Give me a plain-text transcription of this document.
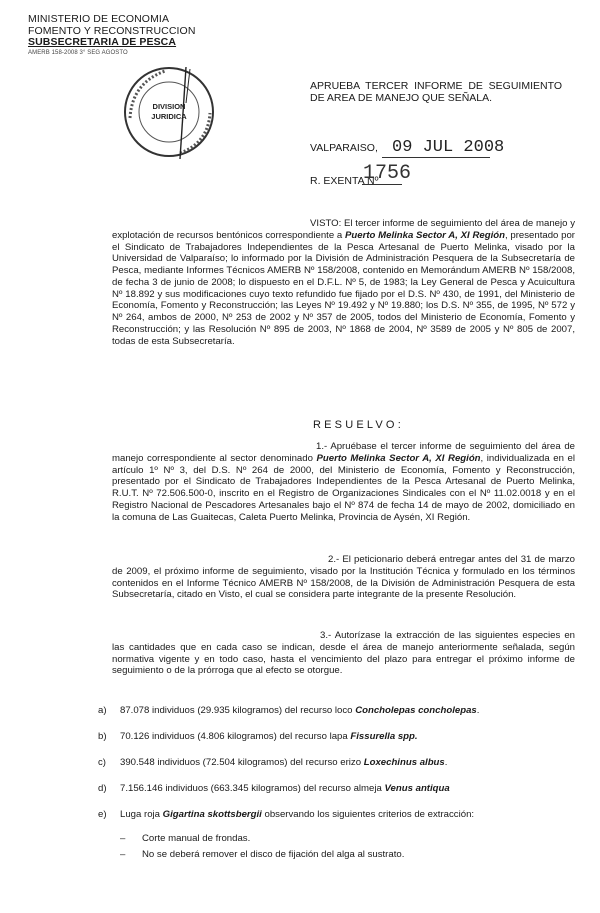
MINISTERIO DE ECONOMIA
FOMENTO Y RECONSTRUCCION
SUBSECRETARIA DE PESCA
AMERB 158-2008 3° SEG AGOSTO
DIVISION
JURIDICA
APRUEBA TERCER INFORME DE SEGUIMIENTO DE AREA DE MANEJO QUE SEÑALA.
VALPARAISO, 09 JUL 2008
R. EXENTA Nº
1756
VISTO: El tercer informe de seguimiento del área de manejo y explotación de recursos bentónicos correspondiente a Puerto Melinka Sector A, XI Región, presentado por el Sindicato de Trabajadores Independientes de la Pesca Artesanal de Puerto Melinka, visado por la Universidad de Valparaíso; lo informado por la División de Administración Pesquera de la Subsecretaría de Pesca, mediante Informes Técnicos AMERB Nº 158/2008, contenido en Memorándum AMERB Nº 158/2008, de fecha 3 de junio de 2008; lo dispuesto en el D.F.L. Nº 5, de 1983; la Ley General de Pesca y Acuicultura Nº 18.892 y sus modificaciones cuyo texto refundido fue fijado por el D.S. Nº 430, de 1991, del Ministerio de Economía, Fomento y Reconstrucción; las Leyes Nº 19.492 y Nº 19.880; los D.S. Nº 355, de 1995, Nº 572 y Nº 264, ambos de 2000, Nº 253 de 2002 y Nº 357 de 2005, todos del Ministerio de Economía, Fomento y Reconstrucción; y las Resolución Nº 895 de 2003, Nº 1868 de 2004, Nº 3589 de 2005 y Nº 805 de 2007, todas de esta Subsecretaría.
RESUELVO:
1.- Apruébase el tercer informe de seguimiento del área de manejo correspondiente al sector denominado Puerto Melinka Sector A, XI Región, individualizada en el artículo 1º Nº 3, del D.S. Nº 264 de 2000, del Ministerio de Economía, Fomento y Reconstrucción, presentado por el Sindicato de Trabajadores Independientes de la Pesca Artesanal de Puerto Melinka, R.U.T. Nº 72.506.500-0, inscrito en el Registro de Organizaciones Sindicales con el Nº 11.02.0018 y en el Registro Nacional de Pescadores Artesanales bajo el Nº 874 de fecha 14 de mayo de 2002, domiciliado en la comuna de Las Guaitecas, Caleta Puerto Melinka, Provincia de Aysén, XI Región.
2.- El peticionario deberá entregar antes del 31 de marzo de 2009, el próximo informe de seguimiento, visado por la Institución Técnica y formulado en los términos contenidos en el Informe Técnico AMERB Nº 158/2008, de la División de Administración Pesquera de esta Subsecretaría, citado en Visto, el cual se considera parte integrante de la presente Resolución.
3.- Autorízase la extracción de las siguientes especies en las cantidades que en cada caso se indican, desde el área de manejo anteriormente señalada, según normativa vigente y en todo caso, hasta el vencimiento del plazo para entregar el próximo informe de seguimiento o de la prórroga que al efecto se otorgue.
a) 87.078 individuos (29.935 kilogramos) del recurso loco Concholepas concholepas.
b) 70.126 individuos (4.806 kilogramos) del recurso lapa Fissurella spp.
c) 390.548 individuos (72.504 kilogramos) del recurso erizo Loxechinus albus.
d) 7.156.146 individuos (663.345 kilogramos) del recurso almeja Venus antiqua
e) Luga roja Gigartina skottsbergii observando los siguientes criterios de extracción:
– Corte manual de frondas.
– No se deberá remover el disco de fijación del alga al sustrato.
